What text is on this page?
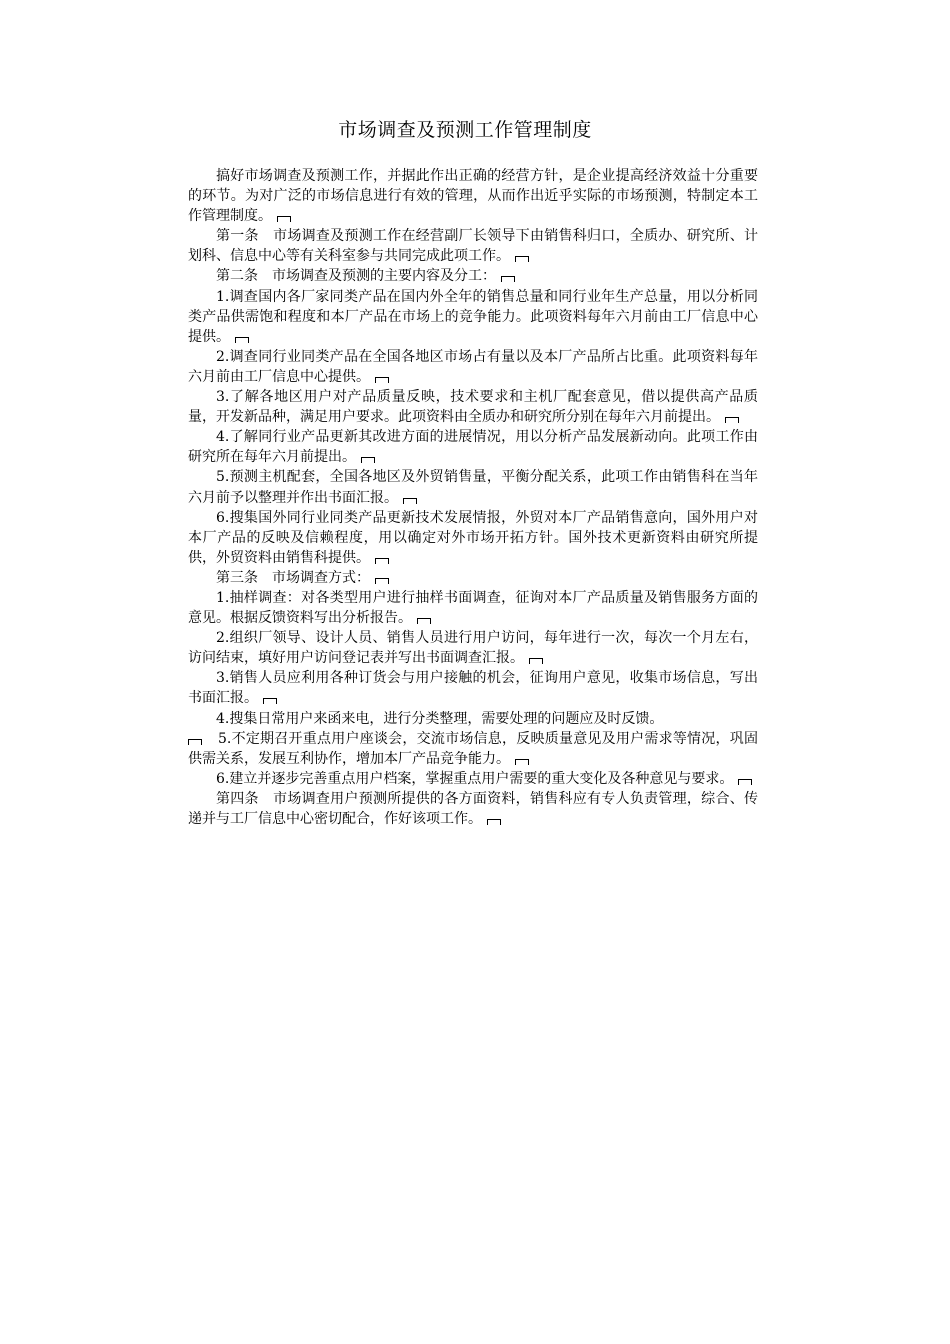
市场调查及预测工作管理制度

搞好市场调查及预测工作，并据此作出正确的经营方针，是企业提高经济效益十分重要的环节。为对广泛的市场信息进行有效的管理，从而作出近乎实际的市场预测，特制定本工作管理制度。

第一条　市场调查及预测工作在经营副厂长领导下由销售科归口，全质办、研究所、计划科、信息中心等有关科室参与共同完成此项工作。

第二条　市场调查及预测的主要内容及分工：

1.调查国内各厂家同类产品在国内外全年的销售总量和同行业年生产总量，用以分析同类产品供需饱和程度和本厂产品在市场上的竞争能力。此项资料每年六月前由工厂信息中心提供。

2.调查同行业同类产品在全国各地区市场占有量以及本厂产品所占比重。此项资料每年六月前由工厂信息中心提供。

3.了解各地区用户对产品质量反映，技术要求和主机厂配套意见，借以提供高产品质量，开发新品种，满足用户要求。此项资料由全质办和研究所分别在每年六月前提出。

4.了解同行业产品更新其改进方面的进展情况，用以分析产品发展新动向。此项工作由研究所在每年六月前提出。

5.预测主机配套，全国各地区及外贸销售量，平衡分配关系，此项工作由销售科在当年六月前予以整理并作出书面汇报。

6.搜集国外同行业同类产品更新技术发展情报，外贸对本厂产品销售意向，国外用户对本厂产品的反映及信赖程度，用以确定对外市场开拓方针。国外技术更新资料由研究所提供，外贸资料由销售科提供。

第三条　市场调查方式：

1.抽样调查：对各类型用户进行抽样书面调查，征询对本厂产品质量及销售服务方面的意见。根据反馈资料写出分析报告。

2.组织厂领导、设计人员、销售人员进行用户访问，每年进行一次，每次一个月左右，访问结束，填好用户访问登记表并写出书面调查汇报。

3.销售人员应利用各种订货会与用户接触的机会，征询用户意见，收集市场信息，写出书面汇报。

4.搜集日常用户来函来电，进行分类整理，需要处理的问题应及时反馈。

5.不定期召开重点用户座谈会，交流市场信息，反映质量意见及用户需求等情况，巩固供需关系，发展互利协作，增加本厂产品竞争能力。

6.建立并逐步完善重点用户档案，掌握重点用户需要的重大变化及各种意见与要求。

第四条　市场调查用户预测所提供的各方面资料，销售科应有专人负责管理，综合、传递并与工厂信息中心密切配合，作好该项工作。
